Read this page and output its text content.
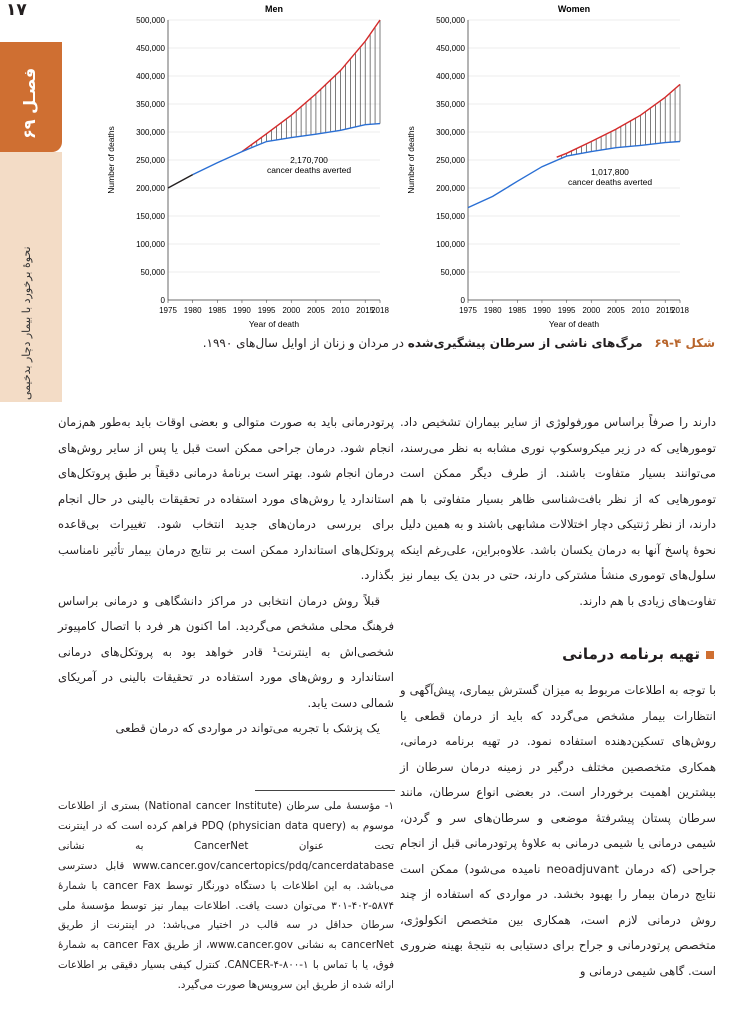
۱۷
فصـل ۶۹
نحوهٔ برخورد با بیمار دچار بدخیمی
Men
0
50,000
100,000
150,000
200,000
250,000
300,000
350,000
400,000
450,000
500,000
1975 1980 1985 1990 1995 2000 2005 2010 2015
2018
Year of death
Number of deaths	2,170,700
cancer deaths averted
Women
0
50,000
100,000
150,000
200,000
250,000
300,000
350,000
400,000
450,000
500,000
1975 1980 1985 1990 1995 2000 2005 2010 2015
2018
Year of death
Number of deaths	1,017,800
cancer deaths averted
شکل ۴-۶۹ مرگ‌های ناشی از سرطان پیشگیری‌شده در مردان و زنان از اوایل سال‌های ۱۹۹۰.

دارند را صرفاً براساس مورفولوژی از سایر بیماران تشخیص داد. تومورهایی که در زیر میکروسکوپ نوری مشابه به نظر می‌رسند، می‌توانند بسیار متفاوت باشند. از طرف دیگر ممکن است تومورهایی که از نظر بافت‌شناسی ظاهر بسیار متفاوتی با هم دارند، از نظر ژنتیکی دچار اختلالات مشابهی باشند و به همین دلیل نحوهٔ پاسخ آنها به درمان یکسان باشد. علاوه‌براین، علی‌رغم اینکه سلول‌های توموری منشأ مشترکی دارند، حتی در بدن یک بیمار نیز تفاوت‌های زیادی با هم دارند.

تهیه برنامه درمانی

با توجه به اطلاعات مربوط به میزان گسترش بیماری، پیش‌آگهی و انتظارات بیمار مشخص می‌گردد که باید از درمان قطعی یا روش‌های تسکین‌دهنده استفاده نمود. در تهیه برنامه درمانی، همکاری متخصصین مختلف درگیر در زمینه درمان سرطان از بیشترین اهمیت برخوردار است. در بعضی انواع سرطان، مانند سرطان پستان پیشرفتهٔ موضعی و سرطان‌های سر و گردن، شیمی درمانی یا شیمی درمانی به علاوهٔ پرتودرمانی قبل از انجام جراحی (که درمان neoadjuvant نامیده می‌شود) ممکن است نتایج درمان بیمار را بهبود بخشد. در مواردی که استفاده از چند روش درمانی لازم است، همکاری بین متخصص انکولوژی، متخصص پرتودرمانی و جراح برای دستیابی به نتیجهٔ بهینه ضروری است. گاهی شیمی درمانی و

پرتودرمانی باید به صورت متوالی و بعضی اوقات باید به‌طور هم‌زمان انجام شود. درمان جراحی ممکن است قبل یا پس از سایر روش‌های درمان انجام شود. بهتر است برنامهٔ درمانی دقیقاً بر طبق پروتکل‌های استاندارد یا روش‌های مورد استفاده در تحقیقات بالینی در حال انجام برای بررسی درمان‌های جدید انتخاب شود. تغییرات بی‌قاعده پروتکل‌های استاندارد ممکن است بر نتایج درمان بیمار تأثیر نامناسب بگذارد.

قبلاً روش درمان انتخابی در مراکز دانشگاهی و درمانی براساس فرهنگ محلی مشخص می‌گردید. اما اکنون هر فرد با اتصال کامپیوتر شخصی‌اش به اینترنت¹ قادر خواهد بود به پروتکل‌های درمانی استاندارد و روش‌های مورد استفاده در تحقیقات بالینی در آمریکای شمالی دست یابد.

یک پزشک با تجربه می‌تواند در مواردی که درمان قطعی

۱- مؤسسهٔ ملی سرطان (National cancer Institute) بستری از اطلاعات موسوم به PDQ (physician data query) فراهم کرده است که در اینترنت تحت عنوان CancerNet به نشانی www.cancer.gov/cancertopics/pdq/cancerdatabase قابل دسترسی می‌باشد. به این اطلاعات با دستگاه دورنگار توسط cancer Fax با شمارهٔ ۵۸۷۴-۴۰۲-۳۰۱ می‌توان دست یافت. اطلاعات بیمار نیز توسط مؤسسهٔ ملی سرطان حداقل در سه قالب در اختیار می‌باشد: در اینترنت از طریق cancerNet به نشانی www.cancer.gov، از طریق cancer Fax به شمارهٔ فوق، یا با تماس با CANCER-۴-۸۰۰-۱. کنترل کیفی بسیار دقیقی بر اطلاعات ارائه شده از طریق این سرویس‌ها صورت می‌گیرد.
